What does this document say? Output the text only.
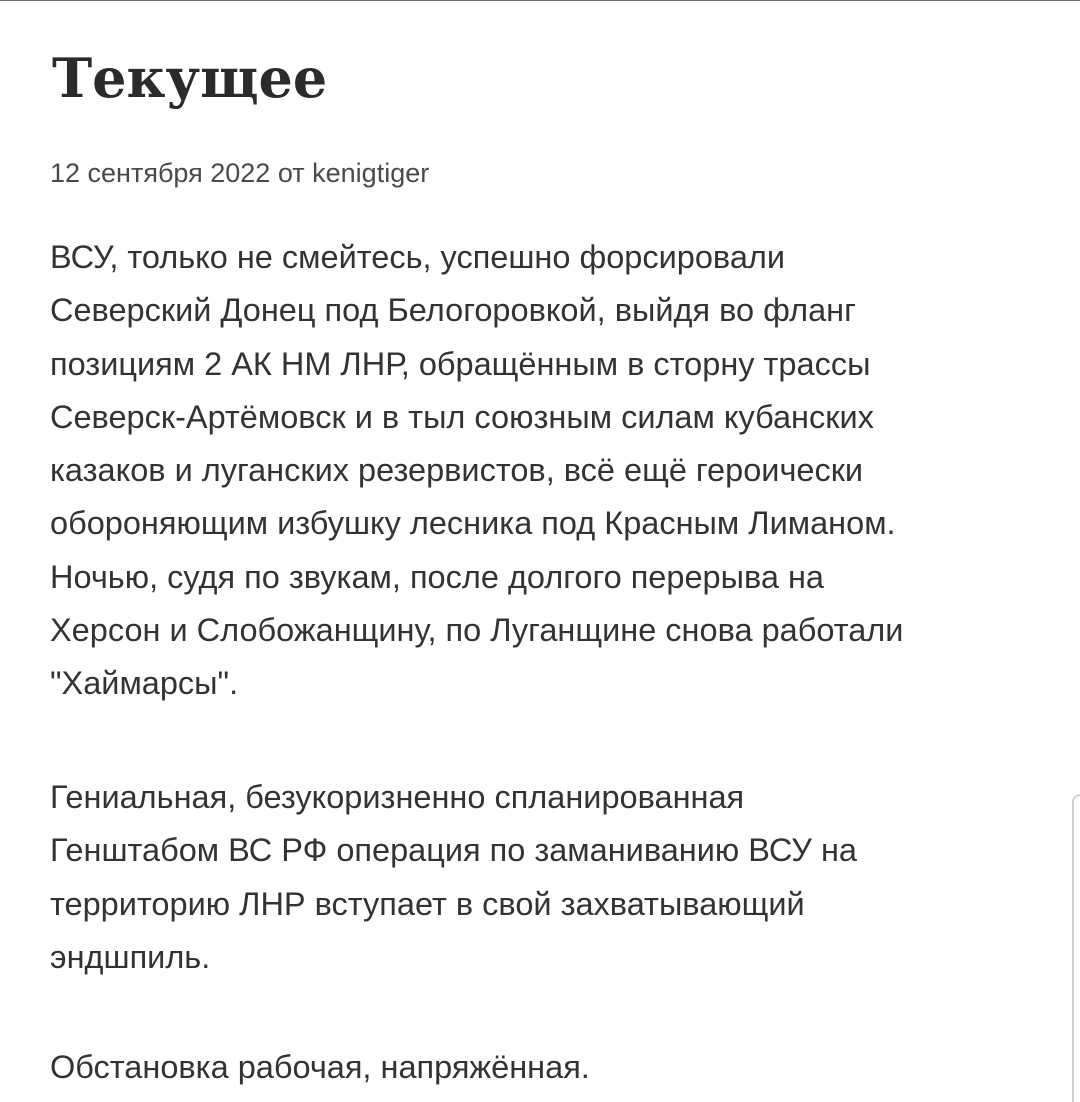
Текущее
12 сентября 2022 от kenigtiger

ВСУ, только не смейтесь, успешно форсировали
Северский Донец под Белогоровкой, выйдя во фланг
позициям 2 АК НМ ЛНР, обращённым в сторну трассы
Северск-Артёмовск и в тыл союзным силам кубанских
казаков и луганских резервистов, всё ещё героически
обороняющим избушку лесника под Красным Лиманом.
Ночью, судя по звукам, после долгого перерыва на
Херсон и Слобожанщину, по Луганщине снова работали
"Хаймарсы".

Гениальная, безукоризненно спланированная
Генштабом ВС РФ операция по заманиванию ВСУ на
территорию ЛНР вступает в свой захватывающий
эндшпиль.

Обстановка рабочая, напряжённая.
